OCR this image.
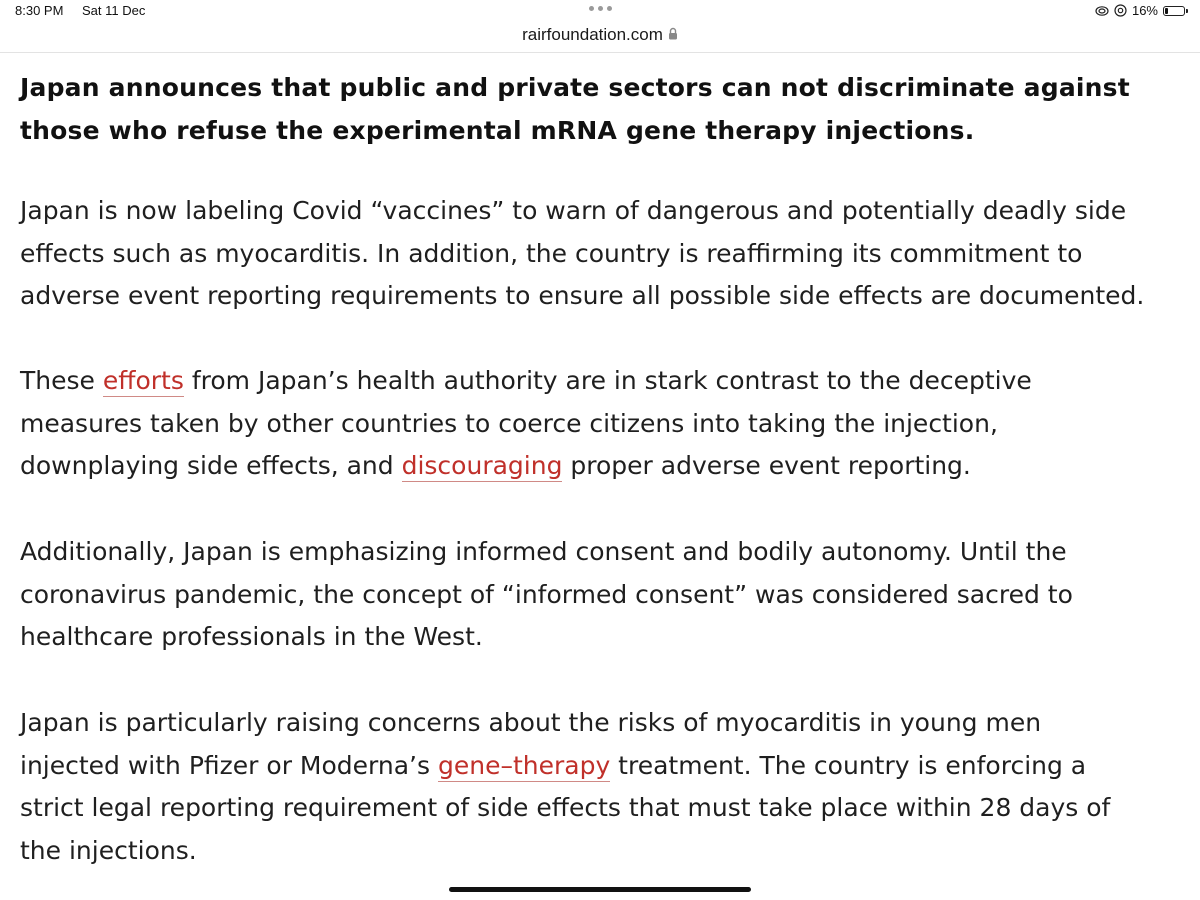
8:30 PM Sat 11 Dec	16%
rairfoundation.com
Japan announces that public and private sectors can not discriminate against those who refuse the experimental mRNA gene therapy injections.

Japan is now labeling Covid “vaccines” to warn of dangerous and potentially deadly side
effects such as myocarditis. In addition, the country is reaffirming its commitment to
adverse event reporting requirements to ensure all possible side effects are documented.

These efforts from Japan’s health authority are in stark contrast to the deceptive
measures taken by other countries to coerce citizens into taking the injection,
downplaying side effects, and discouraging proper adverse event reporting.

Additionally, Japan is emphasizing informed consent and bodily autonomy. Until the
coronavirus pandemic, the concept of “informed consent” was considered sacred to
healthcare professionals in the West.

Japan is particularly raising concerns about the risks of myocarditis in young men
injected with Pfizer or Moderna’s gene–therapy treatment. The country is enforcing a
strict legal reporting requirement of side effects that must take place within 28 days of
the injections.
